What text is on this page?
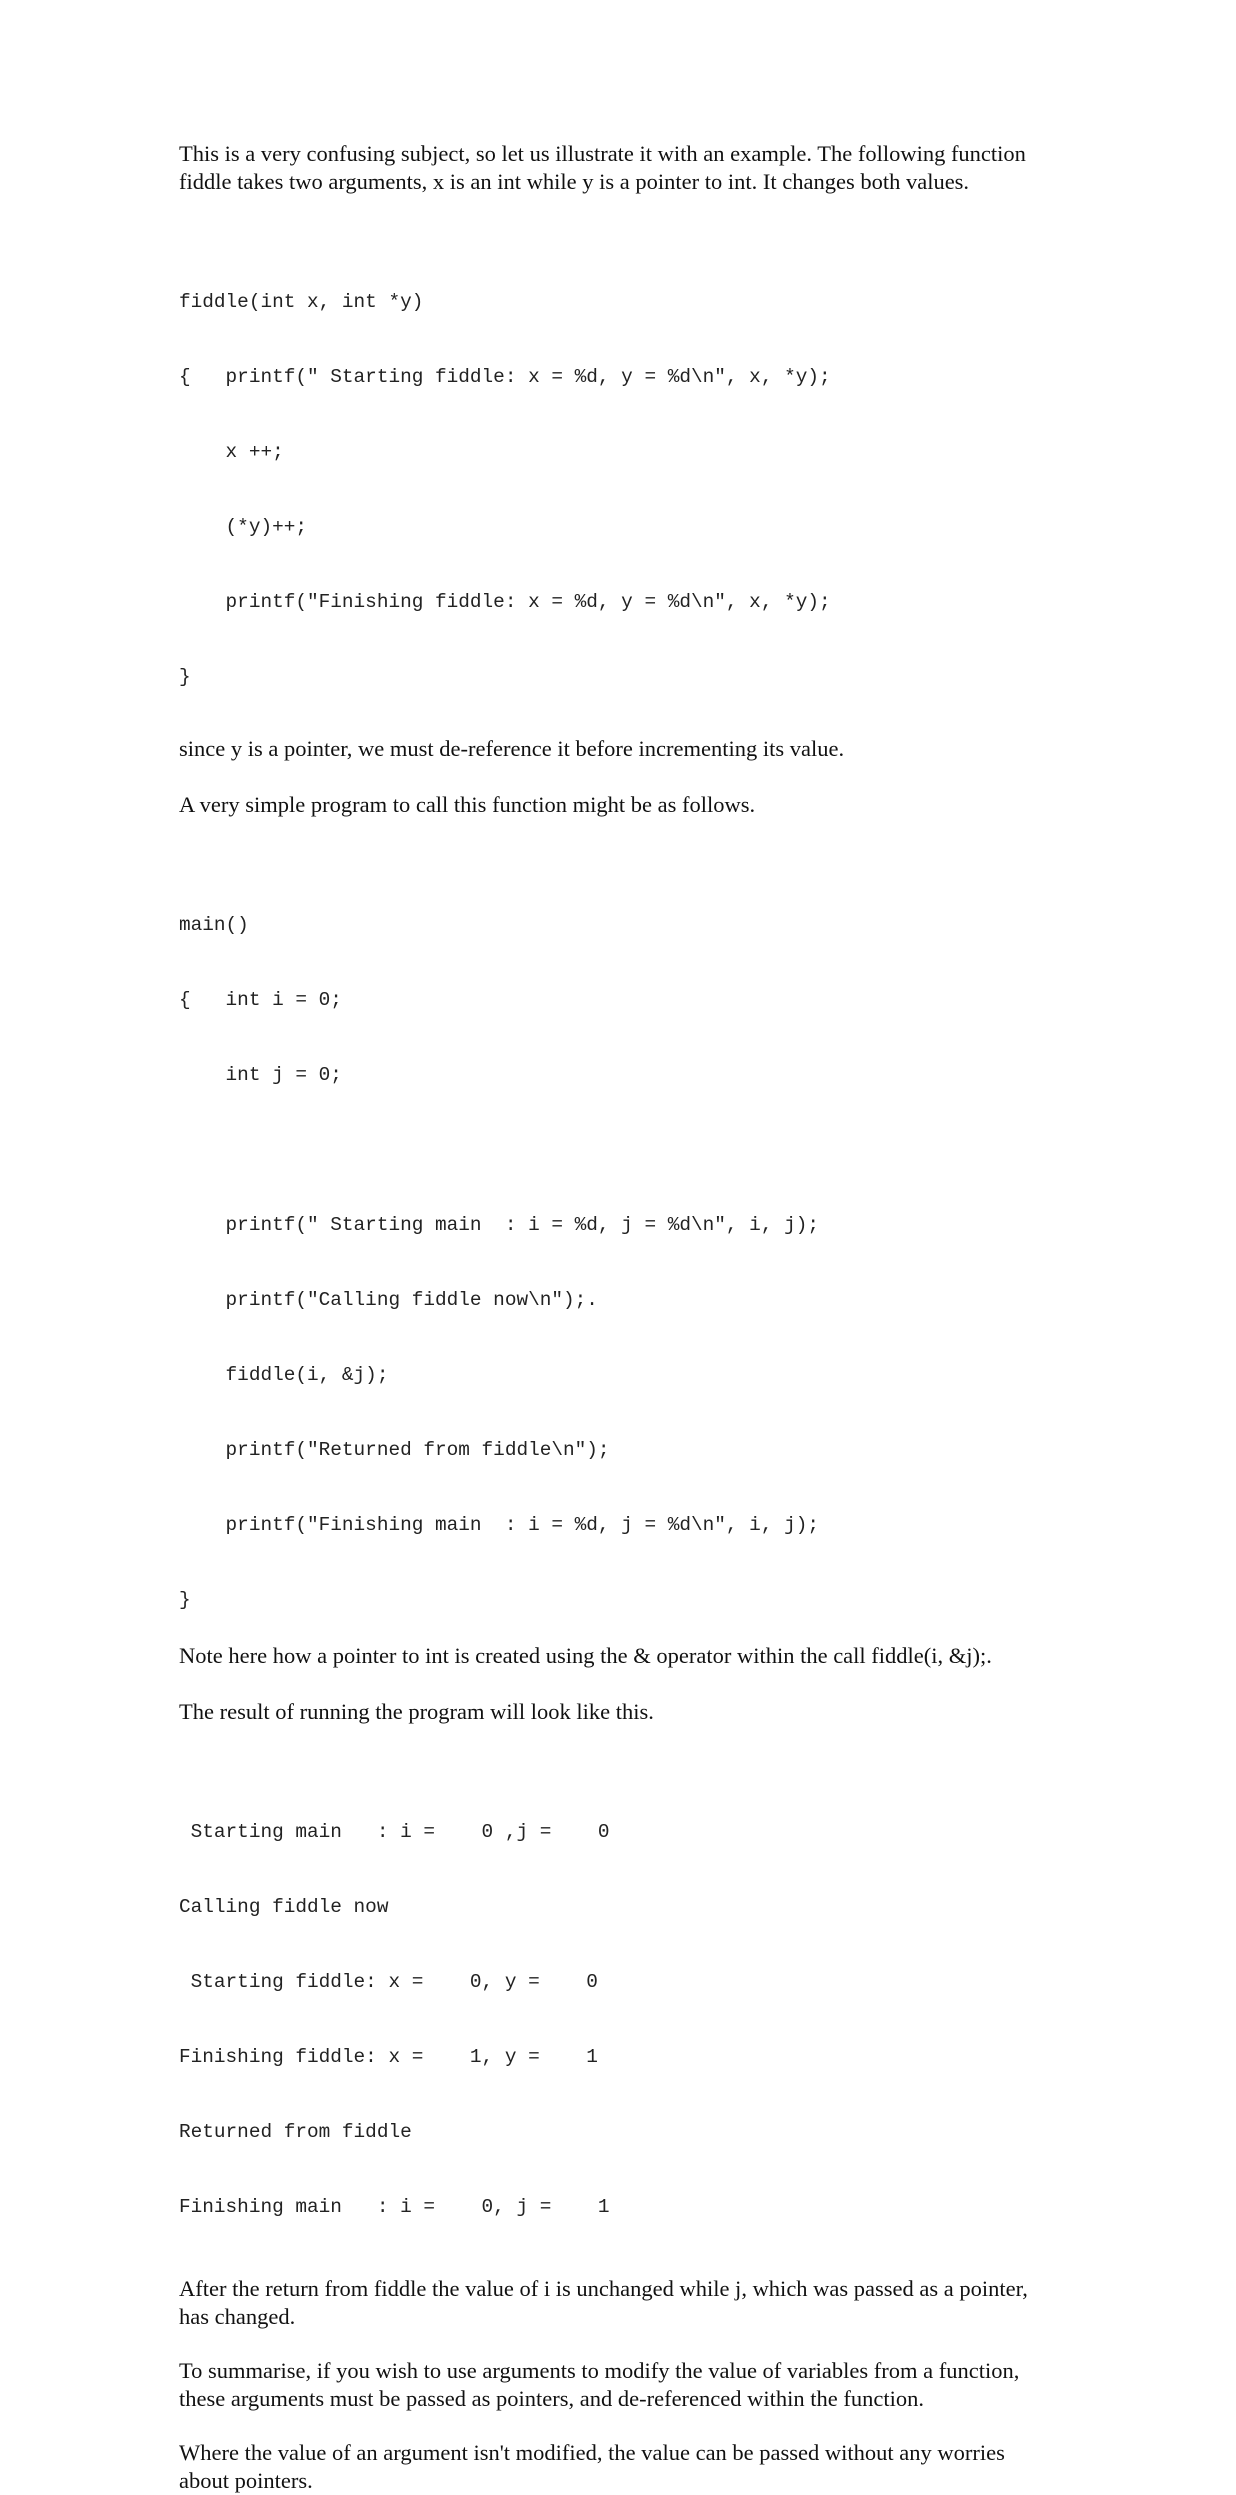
This is a very confusing subject, so let us illustrate it with an example. The following function fiddle takes two arguments, x is an int while y is a pointer to int. It changes both values.

fiddle(int x, int *y)

{   printf(" Starting fiddle: x = %d, y = %d\n", x, *y);

x ++;

(*y)++;

printf("Finishing fiddle: x = %d, y = %d\n", x, *y);

}

since y is a pointer, we must de-reference it before incrementing its value.

A very simple program to call this function might be as follows.

main()

{   int i = 0;

int j = 0;

printf(" Starting main  : i = %d, j = %d\n", i, j);

printf("Calling fiddle now\n");.

fiddle(i, &j);

printf("Returned from fiddle\n");

printf("Finishing main  : i = %d, j = %d\n", i, j);

}

Note here how a pointer to int is created using the & operator within the call fiddle(i, &j);.

The result of running the program will look like this.

Starting main   : i =    0 ,j =    0

Calling fiddle now

Starting fiddle: x =    0, y =    0

Finishing fiddle: x =    1, y =    1

Returned from fiddle

Finishing main   : i =    0, j =    1

After the return from fiddle the value of i is unchanged while j, which was passed as a pointer, has changed.

To summarise, if you wish to use arguments to modify the value of variables from a function, these arguments must be passed as pointers, and de-referenced within the function.

Where the value of an argument isn't modified, the value can be passed without any worries about pointers.
